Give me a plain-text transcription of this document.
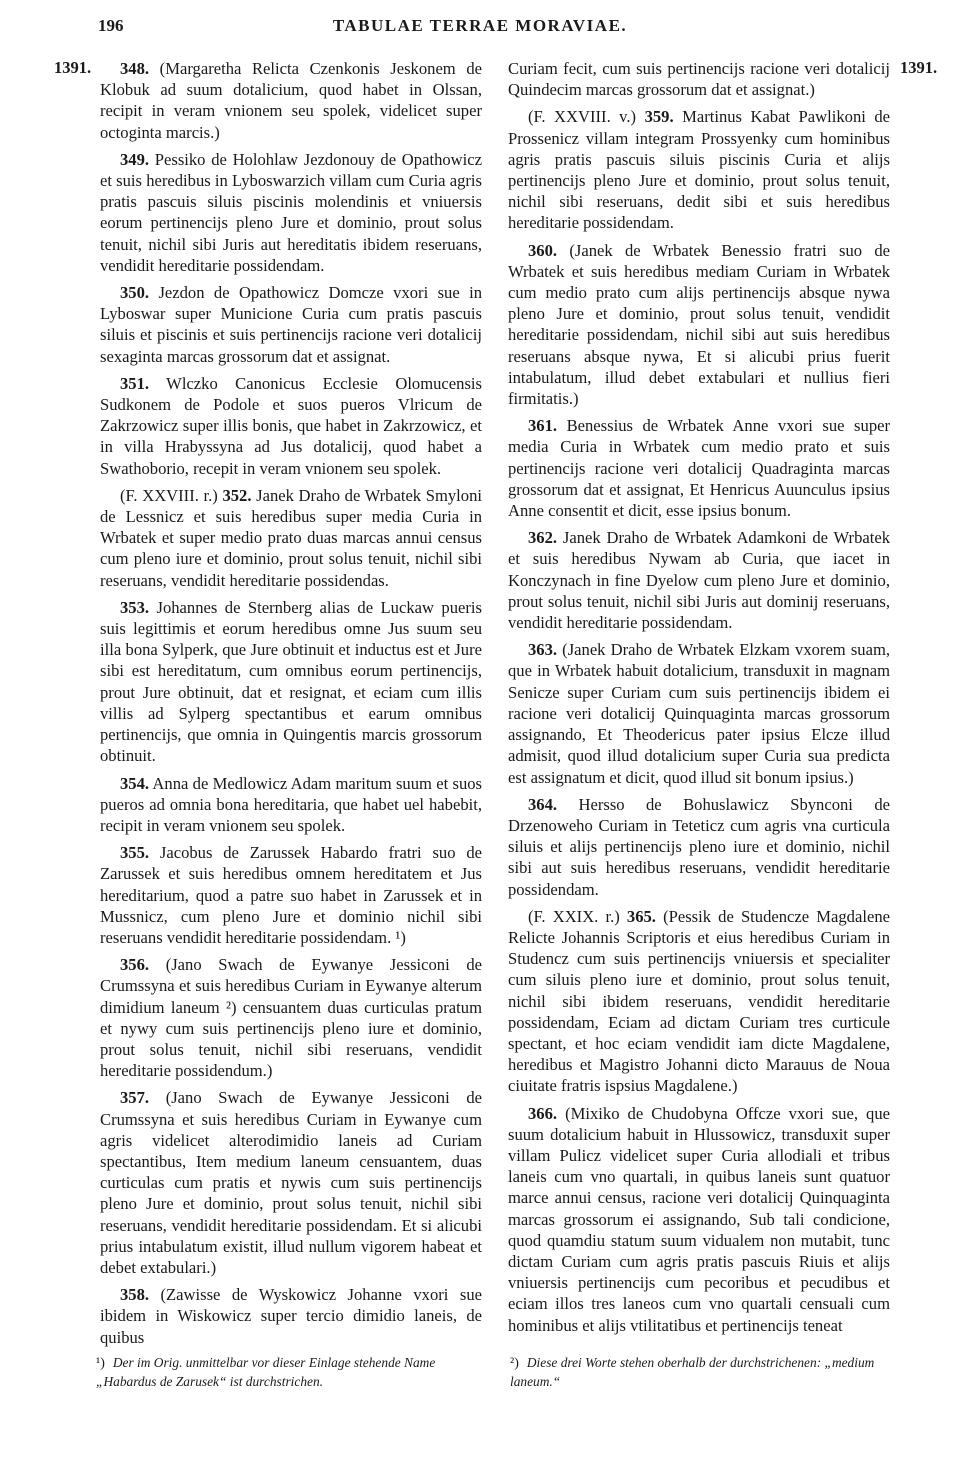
196	TABULAE TERRAE MORAVIAE.
1391.	1391.

348. (Margaretha Relicta Czenkonis Jeskonem de Klobuk ad suum dotalicium, quod habet in Olssan, recipit in veram vnionem seu spolek, videlicet super octoginta marcis.)

349. Pessiko de Holohlaw Jezdonouy de Opathowicz et suis heredibus in Lyboswarzich villam cum Curia agris pratis pascuis siluis piscinis molendinis et vniuersis eorum pertinencijs pleno Jure et dominio, prout solus tenuit, nichil sibi Juris aut hereditatis ibidem reseruans, vendidit hereditarie possidendam.

350. Jezdon de Opathowicz Domcze vxori sue in Lyboswar super Municione Curia cum pratis pascuis siluis et piscinis et suis pertinencijs racione veri dotalicij sexaginta marcas grossorum dat et assignat.

351. Wlczko Canonicus Ecclesie Olomucensis Sudkonem de Podole et suos pueros Vlricum de Zakrzowicz super illis bonis, que habet in Zakrzowicz, et in villa Hrabyssyna ad Jus dotalicij, quod habet a Swathoborio, recepit in veram vnionem seu spolek.

(F. XXVIII. r.) 352. Janek Draho de Wrbatek Smyloni de Lessnicz et suis heredibus super media Curia in Wrbatek et super medio prato duas marcas annui census cum pleno iure et dominio, prout solus tenuit, nichil sibi reseruans, vendidit hereditarie possidendas.

353. Johannes de Sternberg alias de Luckaw pueris suis legittimis et eorum heredibus omne Jus suum seu illa bona Sylperk, que Jure obtinuit et inductus est et Jure sibi est hereditatum, cum omnibus eorum pertinencijs, prout Jure obtinuit, dat et resignat, et eciam cum illis villis ad Sylperg spectantibus et earum omnibus pertinencijs, que omnia in Quingentis marcis grossorum obtinuit.

354. Anna de Medlowicz Adam maritum suum et suos pueros ad omnia bona hereditaria, que habet uel habebit, recipit in veram vnionem seu spolek.

355. Jacobus de Zarussek Habardo fratri suo de Zarussek et suis heredibus omnem hereditatem et Jus hereditarium, quod a patre suo habet in Zarussek et in Mussnicz, cum pleno Jure et dominio nichil sibi reseruans vendidit hereditarie possidendam. ¹)

356. (Jano Swach de Eywanye Jessiconi de Crumssyna et suis heredibus Curiam in Eywanye alterum dimidium laneum ²) censuantem duas curticulas pratum et nywy cum suis pertinencijs pleno iure et dominio, prout solus tenuit, nichil sibi reseruans, vendidit hereditarie possidendum.)

357. (Jano Swach de Eywanye Jessiconi de Crumssyna et suis heredibus Curiam in Eywanye cum agris videlicet alterodimidio laneis ad Curiam spectantibus, Item medium laneum censuantem, duas curticulas cum pratis et nywis cum suis pertinencijs pleno Jure et dominio, prout solus tenuit, nichil sibi reseruans, vendidit hereditarie possidendam. Et si alicubi prius intabulatum existit, illud nullum vigorem habeat et debet extabulari.)

358. (Zawisse de Wyskowicz Johanne vxori sue ibidem in Wiskowicz super tercio dimidio laneis, de quibus

Curiam fecit, cum suis pertinencijs racione veri dotalicij Quindecim marcas grossorum dat et assignat.)

(F. XXVIII. v.) 359. Martinus Kabat Pawlikoni de Prossenicz villam integram Prossyenky cum hominibus agris pratis pascuis siluis piscinis Curia et alijs pertinencijs pleno Jure et dominio, prout solus tenuit, nichil sibi reseruans, dedit sibi et suis heredibus hereditarie possidendam.

360. (Janek de Wrbatek Benessio fratri suo de Wrbatek et suis heredibus mediam Curiam in Wrbatek cum medio prato cum alijs pertinencijs absque nywa pleno Jure et dominio, prout solus tenuit, vendidit hereditarie possidendam, nichil sibi aut suis heredibus reseruans absque nywa, Et si alicubi prius fuerit intabulatum, illud debet extabulari et nullius fieri firmitatis.)

361. Benessius de Wrbatek Anne vxori sue super media Curia in Wrbatek cum medio prato et suis pertinencijs racione veri dotalicij Quadraginta marcas grossorum dat et assignat, Et Henricus Auunculus ipsius Anne consentit et dicit, esse ipsius bonum.

362. Janek Draho de Wrbatek Adamkoni de Wrbatek et suis heredibus Nywam ab Curia, que iacet in Konczynach in fine Dyelow cum pleno Jure et dominio, prout solus tenuit, nichil sibi Juris aut dominij reseruans, vendidit hereditarie possidendam.

363. (Janek Draho de Wrbatek Elzkam vxorem suam, que in Wrbatek habuit dotalicium, transduxit in magnam Senicze super Curiam cum suis pertinencijs ibidem ei racione veri dotalicij Quinquaginta marcas grossorum assignando, Et Theodericus pater ipsius Elcze illud admisit, quod illud dotalicium super Curia sua predicta est assignatum et dicit, quod illud sit bonum ipsius.)

364. Hersso de Bohuslawicz Sbynconi de Drzenoweho Curiam in Teteticz cum agris vna curticula siluis et alijs pertinencijs pleno iure et dominio, nichil sibi aut suis heredibus reseruans, vendidit hereditarie possidendam.

(F. XXIX. r.) 365. (Pessik de Studencze Magdalene Relicte Johannis Scriptoris et eius heredibus Curiam in Studencz cum suis pertinencijs vniuersis et specialiter cum siluis pleno iure et dominio, prout solus tenuit, nichil sibi ibidem reseruans, vendidit hereditarie possidendam, Eciam ad dictam Curiam tres curticule spectant, et hoc eciam vendidit iam dicte Magdalene, heredibus et Magistro Johanni dicto Marauus de Noua ciuitate fratris ispsius Magdalene.)

366. (Mixiko de Chudobyna Offcze vxori sue, que suum dotalicium habuit in Hlussowicz, transduxit super villam Pulicz videlicet super Curia allodiali et tribus laneis cum vno quartali, in quibus laneis sunt quatuor marce annui census, racione veri dotalicij Quinquaginta marcas grossorum ei assignando, Sub tali condicione, quod quamdiu statum suum vidualem non mutabit, tunc dictam Curiam cum agris pratis pascuis Riuis et alijs vniuersis pertinencijs cum pecoribus et pecudibus et eciam illos tres laneos cum vno quartali censuali cum hominibus et alijs vtilitatibus et pertinencijs teneat

¹) Der im Orig. unmittelbar vor dieser Einlage stehende Name „Habardus de Zarusek“ ist durchstrichen.
²) Diese drei Worte stehen oberhalb der durchstrichenen: „medium laneum.“
